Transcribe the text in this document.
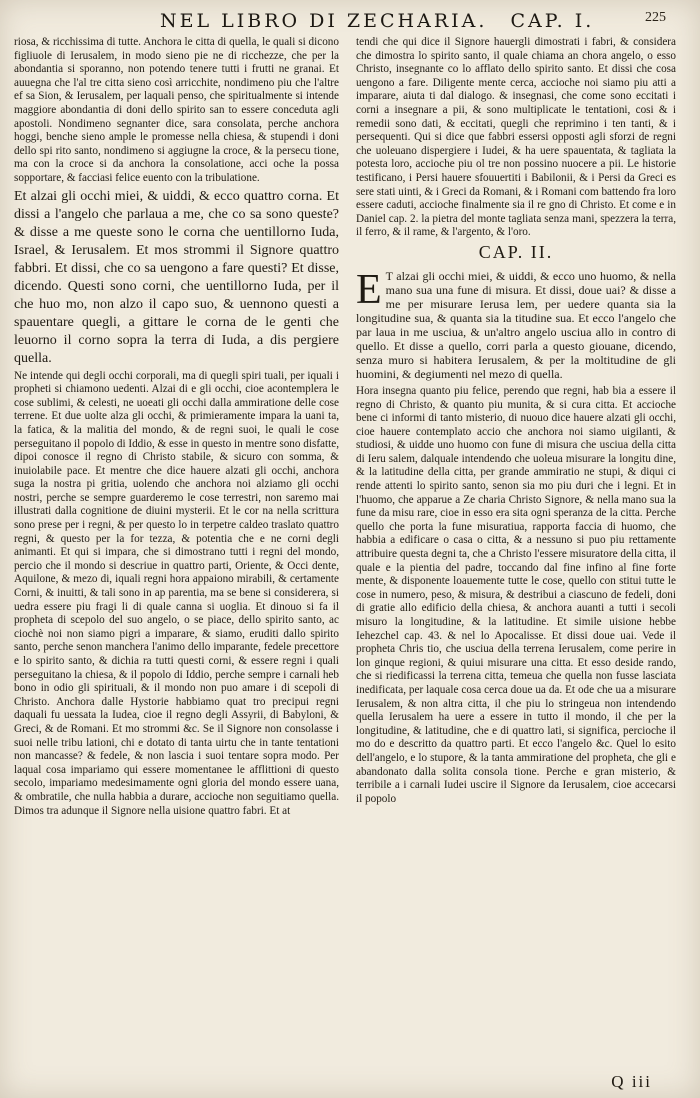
NEL LIBRO DI ZECHARIA. CAP. I.	225

riosa, & ricchissima di tutte. Anchora le citta di quella, le quali si dicono figliuole di Ierusalem, in modo sieno pie ne di ricchezze, che per la abondantia si sporanno, non potendo tenere tutti i frutti ne granai. Et auuegna che l'al tre citta sieno così arricchite, nondimeno piu che l'altre ef sa Sion, & Ierusalem, per laquali penso, che spiritualmente si intende maggiore abondantia di doni dello spirito san to essere conceduta agli apostoli. Nondimeno segnanter dice, sara consolata, perche anchora hoggi, benche sieno ample le promesse nella chiesa, & stupendi i doni dello spi rito santo, nondimeno si aggiugne la croce, & la persecu tione, ma con la croce si da anchora la consolatione, acci oche la possa sopportare, & facciasi felice euento con la tribulatione.

Et alzai gli occhi miei, & uiddi, & ecco quattro corna. Et dissi a l'angelo che parlaua a me, che co sa sono queste? & disse a me queste sono le corna che uentillorno Iuda, Israel, & Ierusalem. Et mos strommi il Signore quattro fabbri. Et dissi, che co sa uengono a fare questi? Et disse, dicendo. Questi sono corni, che uentillorno Iuda, per il che huo mo, non alzo il capo suo, & uennono questi a spauentare quegli, a gittare le corna de le genti che leuorno il corno sopra la terra di Iuda, a dis pergiere quella.

Ne intende qui degli occhi corporali, ma di quegli spiri tuali, per iquali i propheti si chiamono uedenti. Alzai di e gli occhi, cioe acontemplera le cose sublimi, & celesti, ne uoeati gli occhi dalla ammiratione delle cose terrene. Et due uolte alza gli occhi, & primieramente impara la uani ta, la fatica, & la malitia del mondo, & de regni suoi, le quali le cose perseguitano il popolo di Iddio, & esse in questo in mentre sono disfatte, dipoi conosce il regno di Christo stabile, & sicuro con somma, & inuiolabile pace. Et mentre che dice hauere alzati gli occhi, anchora suga la nostra pi gritia, uolendo che anchora noi alziamo gli occhi nostri, perche se sempre guarderemo le cose terrestri, non saremo mai illustrati dalla cognitione de diuini mysterii. Et le cor na nella scrittura sono prese per i regni, & per questo lo in terpetre caldeo traslato quattro regni, & questo per la for tezza, & potentia che e ne corni degli animanti. Et qui si impara, che si dimostrano tutti i regni del mondo, percio che il mondo si descriue in quattro parti, Oriente, & Occi dente, Aquilone, & mezo di, iquali regni hora appaiono mirabili, & certamente Corni, & inuitti, & tali sono in ap parentia, ma se bene si considerera, si uedra essere piu fragi li di quale canna si uoglia. Et dinouo si fa il propheta di scepolo del suo angelo, o se piace, dello spirito santo, ac ciochè noi non siamo pigri a imparare, & siamo, eruditi dallo spirito santo, perche senon manchera l'animo dello imparante, fedele precettore e lo spirito santo, & dichia ra tutti questi corni, & essere regni i quali perseguitano la chiesa, & il popolo di Iddio, perche sempre i carnali heb bono in odio gli spirituali, & il mondo non puo amare i di scepoli di Christo. Anchora dalle Hystorie habbiamo quat tro precipui regni daquali fu uessata la Iudea, cioe il regno degli Assyrii, di Babyloni, & Greci, & de Romani. Et mo strommi &c. Se il Signore non consolasse i suoi nelle tribu lationi, chi e dotato di tanta uirtu che in tante tentationi non mancasse? & fedele, & non lascia i suoi tentare sopra modo. Per laqual cosa impariamo qui essere momentanee le afflittioni di questo secolo, impariamo medesimamente ogni gloria del mondo essere uana, & ombratile, che nulla habbia a durare, accioche non seguitiamo quella. Dimos tra adunque il Signore nella uisione quattro fabri. Et at

tendi che qui dice il Signore hauergli dimostrati i fabri, & considera che dimostra lo spirito santo, il quale chiama an chora angelo, o esso Christo, insegnante co lo afflato dello spirito santo. Et dissi che cosa uengono a fare. Diligente mente cerca, accioche noi siamo piu atti a imparare, aiuta ti dal dialogo. & insegnasi, che come sono eccitati i corni a insegnare a pii, & sono multiplicate le tentationi, cosi & i remedii sono dati, & eccitati, quegli che reprimino i ten tanti, & i persequenti. Qui si dice que fabbri essersi opposti agli sforzi de regni che uoleuano dispergiere i Iudei, & ha uere spauentata, & tagliata la potesta loro, accioche piu ol tre non possino nuocere a pii. Le historie testificano, i Persi hauere sfouuertiti i Babilonii, & i Persi da Greci es sere stati uinti, & i Greci da Romani, & i Romani com battendo fra loro essere caduti, accioche finalmente sia il re gno di Christo. Et come e in Daniel cap. 2. la pietra del monte tagliata senza mani, spezzera la terra, il ferro, & il rame, & l'argento, & l'oro.

CAP. II.

E T alzai gli occhi miei, & uiddi, & ecco uno huomo, & nella mano sua una fune di misura. Et dissi, doue uai? & disse a me per misurare Ierusa lem, per uedere quanta sia la longitudine sua, & quanta sia la titudine sua. Et ecco l'angelo che par laua in me usciua, & un'altro angelo usciua allo in contro di quello. Et disse a quello, corri parla a questo giouane, dicendo, senza muro si habitera Ierusalem, & per la moltitudine de gli huomini, & degiumenti nel mezo di quella.

Hora insegna quanto piu felice, perendo que regni, hab bia a essere il regno di Christo, & quanto piu munita, & si cura citta. Et accioche bene ci informi di tanto misterio, di nuouo dice hauere alzati gli occhi, cioe hauere contemplato accio che anchora noi siamo uigilanti, & studiosi, & uidde uno huomo con fune di misura che usciua della citta di Ieru salem, dalquale intendendo che uoleua misurare la longitu dine, & la latitudine della citta, per grande ammiratio ne stupi, & diqui ci rende attenti lo spirito santo, senon sia mo piu duri che i legni. Et in l'huomo, che apparue a Ze charia Christo Signore, & nella mano sua la fune da misu rare, cioe in esso era sita ogni speranza de la citta. Perche quello che porta la fune misuratiua, rapporta faccia di huomo, che habbia a edificare o casa o citta, & a nessuno si puo piu rettamente attribuire questa degni ta, che a Christo l'essere misuratore della citta, il quale e la pientia del padre, toccando dal fine infino al fine forte mente, & disponente loauemente tutte le cose, quello con stitui tutte le cose in numero, peso, & misura, & destribui a ciascuno de fedeli, doni di gratie allo edificio della chiesa, & anchora auanti a tutti i secoli misuro la longitudine, & la latitudine. Et simile uisione hebbe Iehezchel cap. 43. & nel lo Apocalisse. Et dissi doue uai. Vede il propheta Chris tio, che usciua della terrena Ierusalem, come perire in lon ginque regioni, & quiui misurare una citta. Et esso deside rando, che si riedificassi la terrena citta, temeua che quella non fusse lasciata inedificata, per laquale cosa cerca doue ua da. Et ode che ua a misurare Ierusalem, & non altra citta, il che piu lo stringeua non intendendo quella Ierusalem ha uere a essere in tutto il mondo, il che per la longitudine, & latitudine, che e di quattro lati, si significa, percioche il mo do e descritto da quattro parti. Et ecco l'angelo &c. Quel lo esito dell'angelo, e lo stupore, & la tanta ammiratione del propheta, che gli e abandonato dalla solita consola tione. Perche e gran misterio, & terribile a i carnali Iudei uscire il Signore da Ierusalem, cioe accecarsi il popolo

Q iii
